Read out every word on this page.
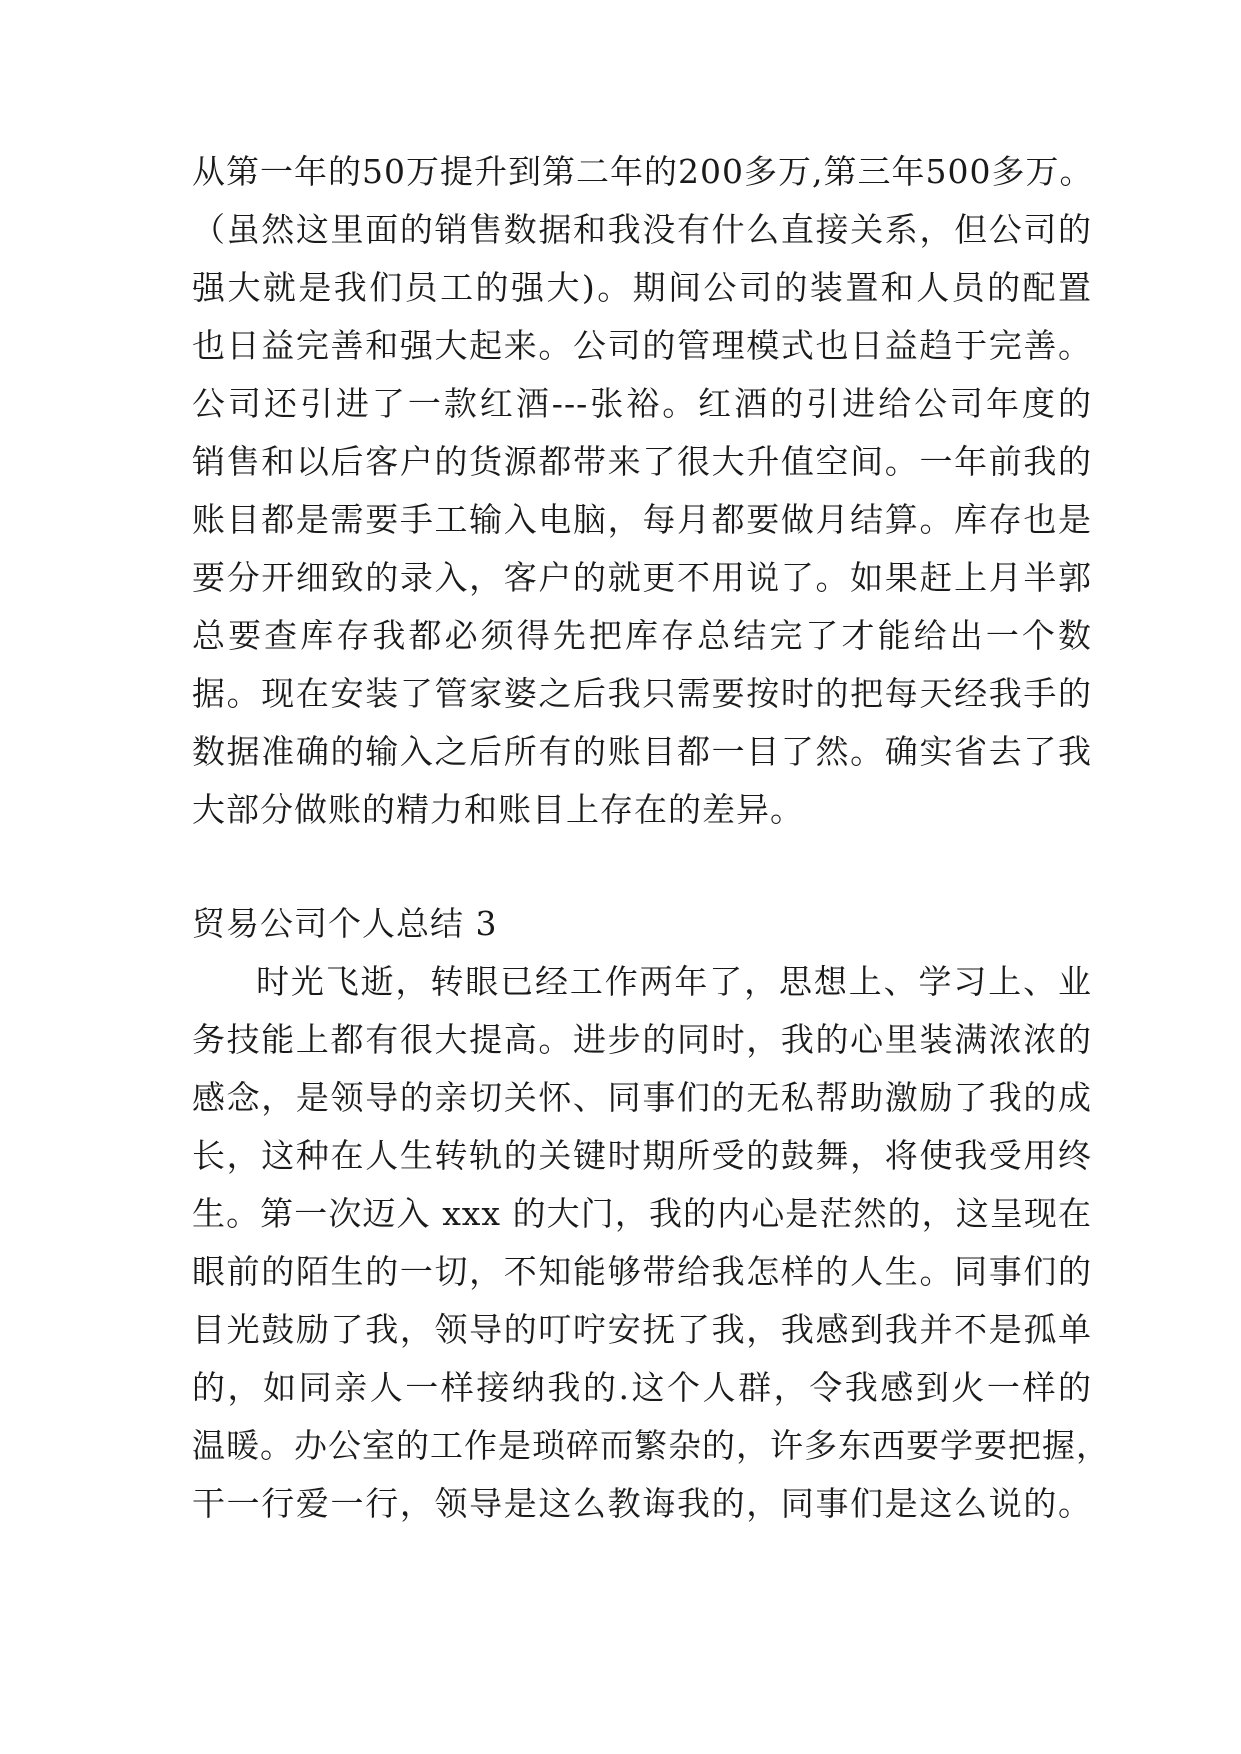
从第一年的50万提升到第二年的200多万,第三年500多万。
（虽然这里面的销售数据和我没有什么直接关系，但公司的
强大就是我们员工的强大)。期间公司的装置和人员的配置
也日益完善和强大起来。公司的管理模式也日益趋于完善。
公司还引进了一款红酒---张裕。红酒的引进给公司年度的
销售和以后客户的货源都带来了很大升值空间。一年前我的
账目都是需要手工输入电脑，每月都要做月结算。库存也是
要分开细致的录入，客户的就更不用说了。如果赶上月半郭
总要查库存我都必须得先把库存总结完了才能给出一个数
据。现在安装了管家婆之后我只需要按时的把每天经我手的
数据准确的输入之后所有的账目都一目了然。确实省去了我
大部分做账的精力和账目上存在的差异。
贸易公司个人总结 3
时光飞逝，转眼已经工作两年了，思想上、学习上、业
务技能上都有很大提高。进步的同时，我的心里装满浓浓的
感念，是领导的亲切关怀、同事们的无私帮助激励了我的成
长，这种在人生转轨的关键时期所受的鼓舞，将使我受用终
生。第一次迈入 xxx 的大门，我的内心是茫然的，这呈现在
眼前的陌生的一切，不知能够带给我怎样的人生。同事们的
目光鼓励了我，领导的叮咛安抚了我，我感到我并不是孤单
的，如同亲人一样接纳我的.这个人群，令我感到火一样的
温暖。办公室的工作是琐碎而繁杂的，许多东西要学要把握，
干一行爱一行，领导是这么教诲我的，同事们是这么说的。
